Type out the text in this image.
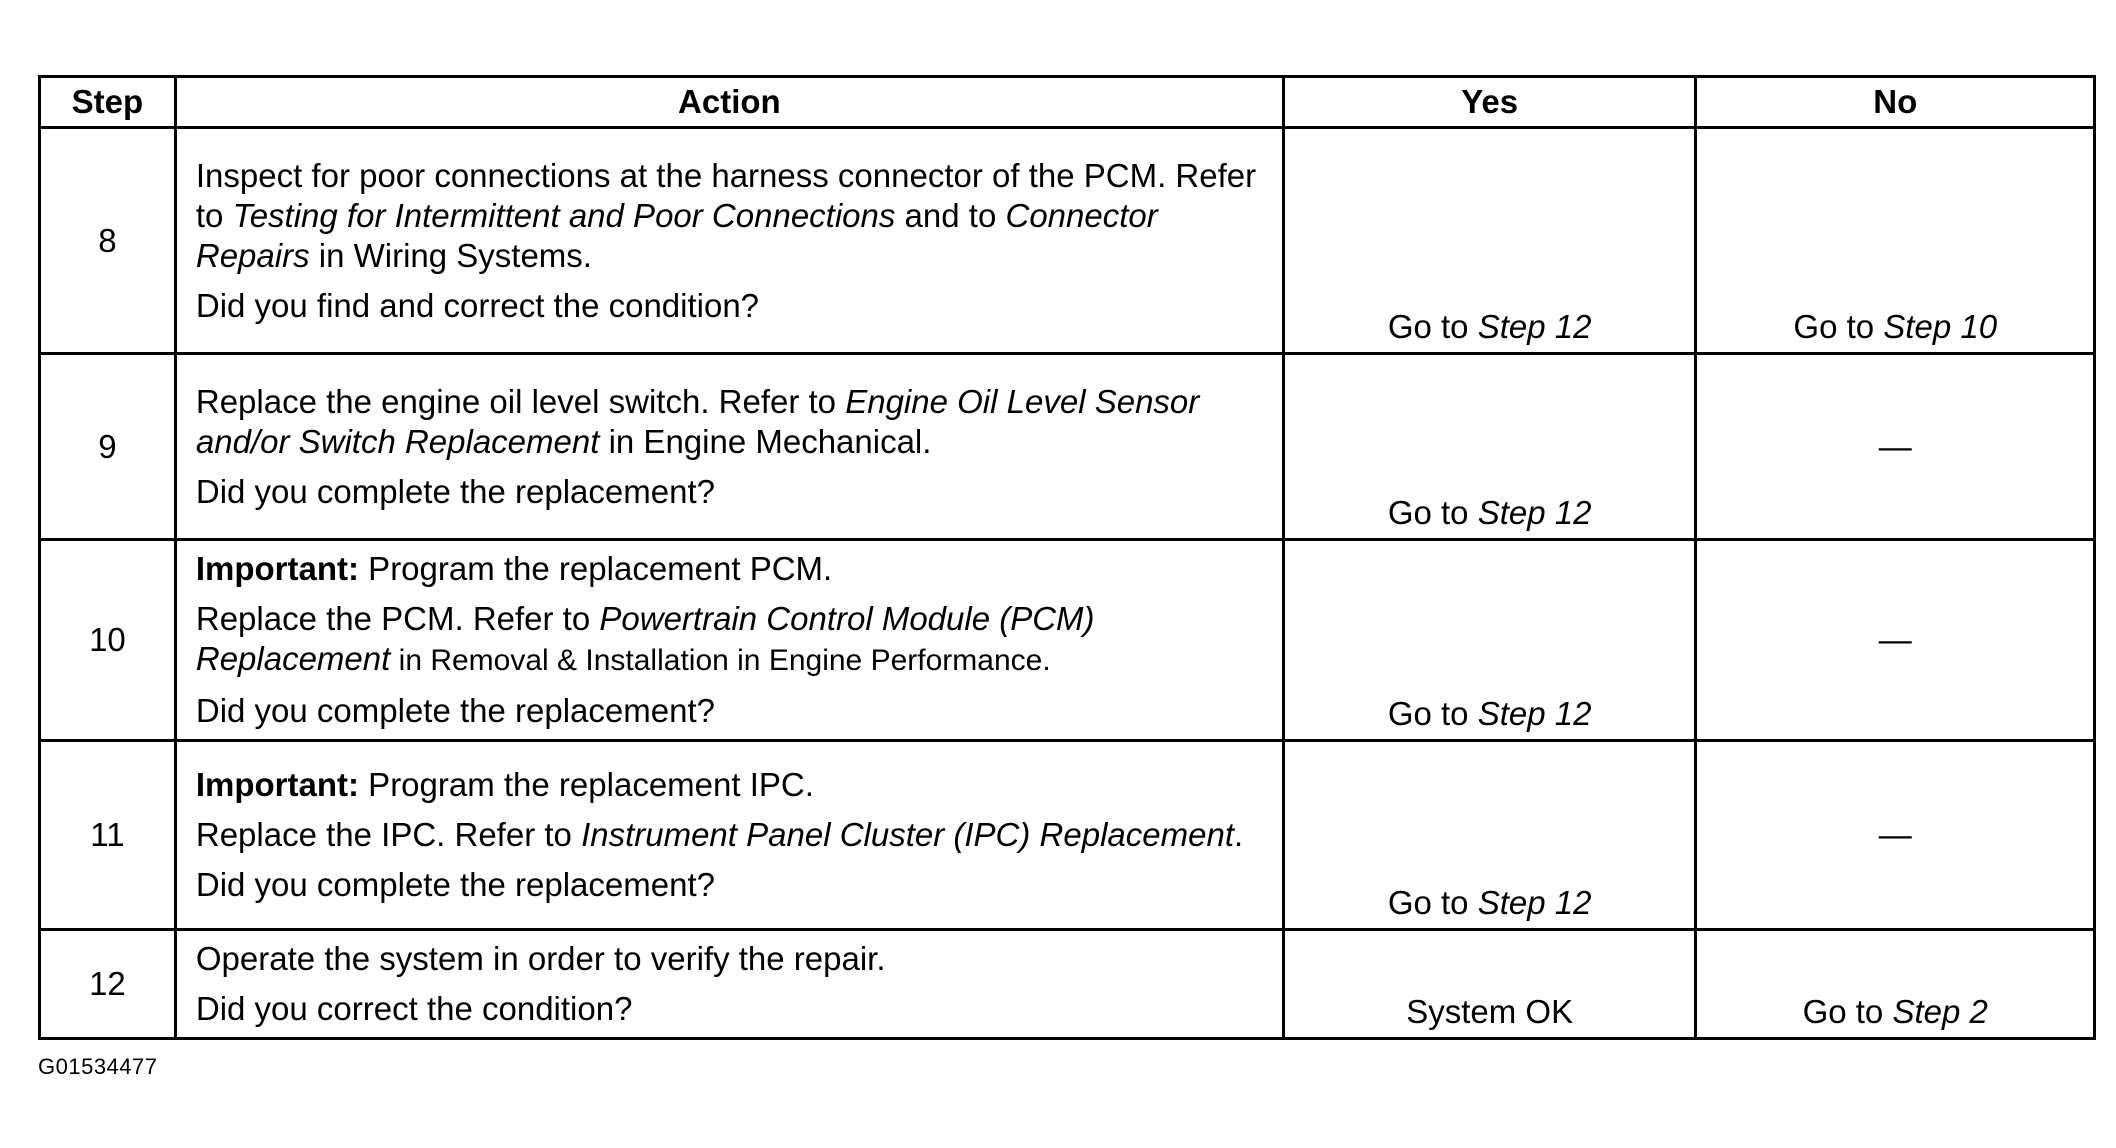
Step	Action	Yes	No
8	Inspect for poor connections at the harness connector of the PCM. Refer to Testing for Intermittent and Poor Connections and to Connector Repairs in Wiring Systems.
Did you find and correct the condition?	Go to Step 12	Go to Step 10

9	Replace the engine oil level switch. Refer to Engine Oil Level Sensor and/or Switch Replacement in Engine Mechanical.
Did you complete the replacement?	Go to Step 12	—

10	Important: Program the replacement PCM.
Replace the PCM. Refer to Powertrain Control Module (PCM) Replacement in Removal & Installation in Engine Performance.
Did you complete the replacement?	Go to Step 12	—

11	Important: Program the replacement IPC.
Replace the IPC. Refer to Instrument Panel Cluster (IPC) Replacement.
Did you complete the replacement?	Go to Step 12	—

12	Operate the system in order to verify the repair.
Did you correct the condition?	System OK	Go to Step 2
G01534477
